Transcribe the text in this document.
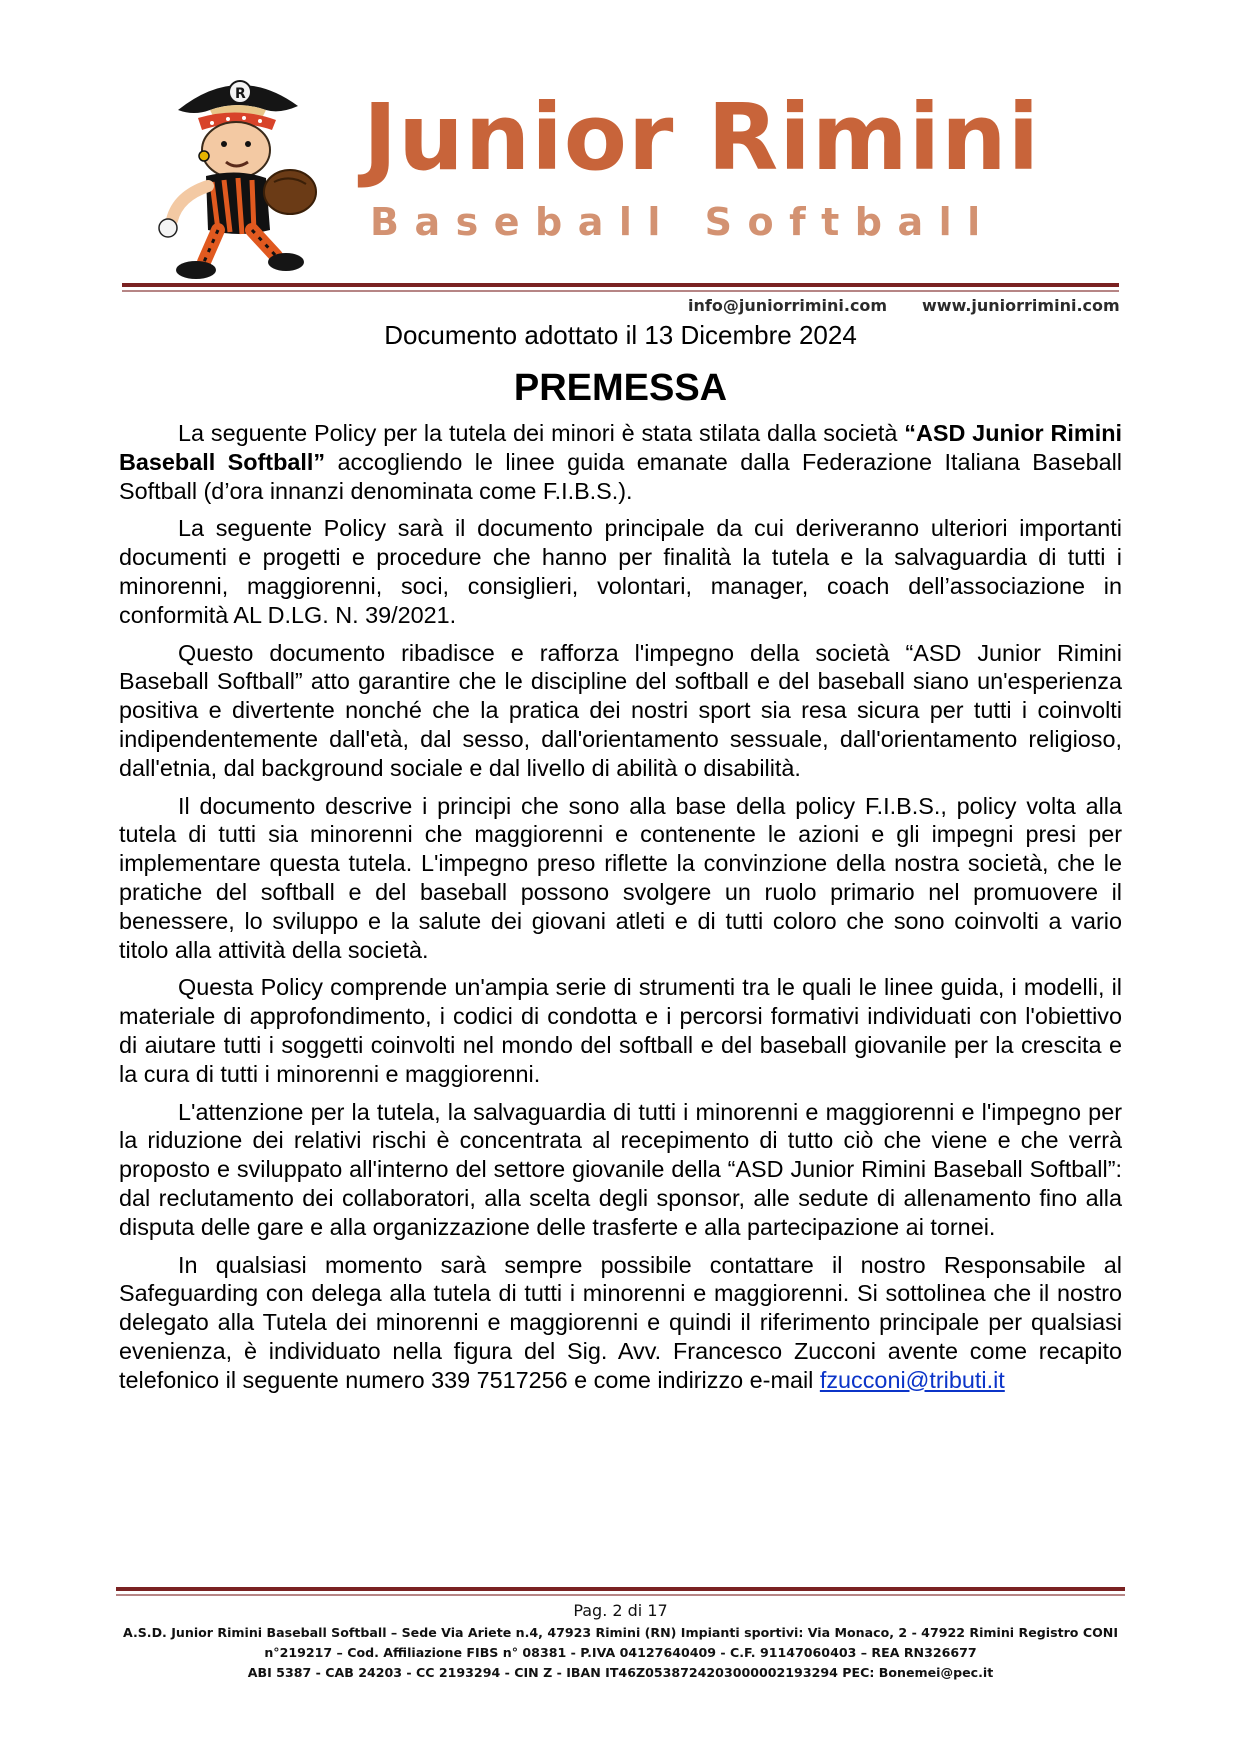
R Junior Rimini
Baseball Softball
info@juniorrimini.com www.juniorrimini.com

Documento adottato il 13 Dicembre 2024

PREMESSA

La seguente Policy per la tutela dei minori è stata stilata dalla società “ASD Junior Rimini Baseball Softball” accogliendo le linee guida emanate dalla Federazione Italiana Baseball Softball (d’ora innanzi denominata come F.I.B.S.).

La seguente Policy sarà il documento principale da cui deriveranno ulteriori importanti documenti e progetti e procedure che hanno per finalità la tutela e la salvaguardia di tutti i minorenni, maggiorenni, soci, consiglieri, volontari, manager, coach dell’associazione in conformità AL D.LG. N. 39/2021.

Questo documento ribadisce e rafforza l'impegno della società “ASD Junior Rimini Baseball Softball” atto garantire che le discipline del softball e del baseball siano un'esperienza positiva e divertente nonché che la pratica dei nostri sport sia resa sicura per tutti i coinvolti indipendentemente dall'età, dal sesso, dall'orientamento sessuale, dall'orientamento religioso, dall'etnia, dal background sociale e dal livello di abilità o disabilità.

Il documento descrive i principi che sono alla base della policy F.I.B.S., policy volta alla tutela di tutti sia minorenni che maggiorenni e contenente le azioni e gli impegni presi per implementare questa tutela. L'impegno preso riflette la convinzione della nostra società, che le pratiche del softball e del baseball possono svolgere un ruolo primario nel promuovere il benessere, lo sviluppo e la salute dei giovani atleti e di tutti coloro che sono coinvolti a vario titolo alla attività della società.

Questa Policy comprende un'ampia serie di strumenti tra le quali le linee guida, i modelli, il materiale di approfondimento, i codici di condotta e i percorsi formativi individuati con l'obiettivo di aiutare tutti i soggetti coinvolti nel mondo del softball e del baseball giovanile per la crescita e la cura di tutti i minorenni e maggiorenni.

L'attenzione per la tutela, la salvaguardia di tutti i minorenni e maggiorenni e l'impegno per la riduzione dei relativi rischi è concentrata al recepimento di tutto ciò che viene e che verrà proposto e sviluppato all'interno del settore giovanile della “ASD Junior Rimini Baseball Softball”: dal reclutamento dei collaboratori, alla scelta degli sponsor, alle sedute di allenamento fino alla disputa delle gare e alla organizzazione delle trasferte e alla partecipazione ai tornei.

In qualsiasi momento sarà sempre possibile contattare il nostro Responsabile al Safeguarding con delega alla tutela di tutti i minorenni e maggiorenni. Si sottolinea che il nostro delegato alla Tutela dei minorenni e maggiorenni e quindi il riferimento principale per qualsiasi evenienza, è individuato nella figura del Sig. Avv. Francesco Zucconi avente come recapito telefonico il seguente numero 339 7517256 e come indirizzo e-mail fzucconi@tributi.it

Pag. 2 di 17
A.S.D. Junior Rimini Baseball Softball – Sede Via Ariete n.4, 47923 Rimini (RN) Impianti sportivi: Via Monaco, 2 - 47922 Rimini Registro CONI
n°219217 – Cod. Affiliazione FIBS n° 08381 - P.IVA 04127640409 - C.F. 91147060403 – REA RN326677
ABI 5387 - CAB 24203 - CC 2193294 - CIN Z - IBAN IT46Z0538724203000002193294 PEC: Bonemei@pec.it
